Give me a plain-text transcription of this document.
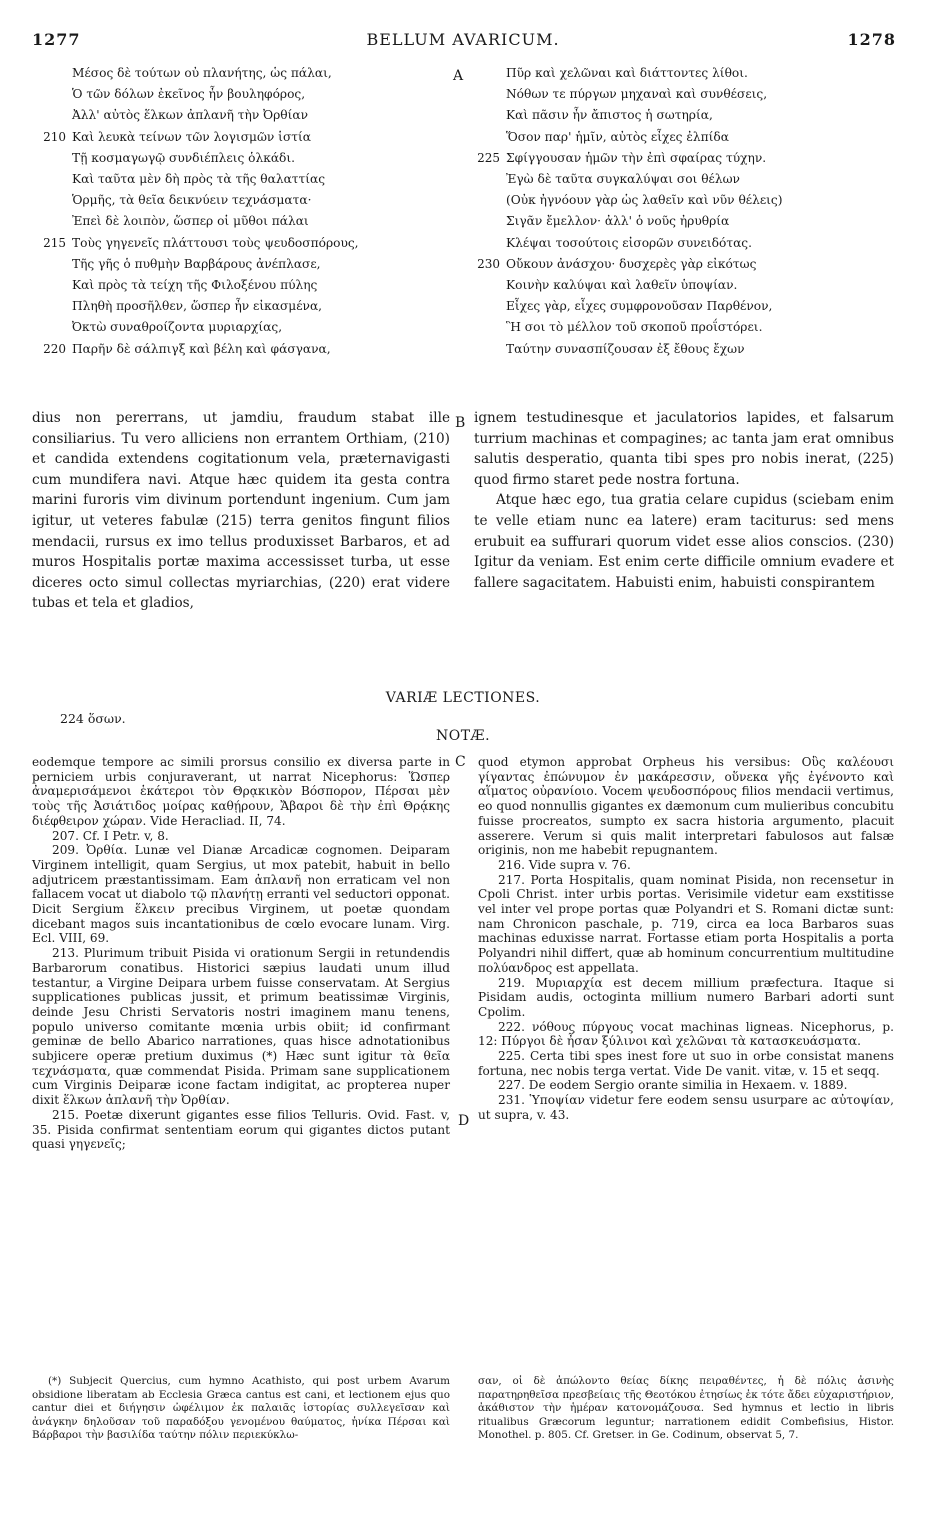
1277	BELLUM AVARICUM.	1278
A
B
C
D
Μέσος δὲ τούτων οὐ πλανήτης, ὡς πάλαι,
Ὁ τῶν δόλων ἐκεῖνος ἦν βουληφόρος,
Ἀλλ' αὐτὸς ἕλκων ἀπλανῆ τὴν Ὀρθίαν
210 Καὶ λευκὰ τείνων τῶν λογισμῶν ἱστία
Τῇ κοσμαγωγῷ συνδιέπλεις ὁλκάδι.
Καὶ ταῦτα μὲν δὴ πρὸς τὰ τῆς θαλαττίας
Ὁρμῆς, τὰ θεῖα δεικνύειν τεχνάσματα·
Ἐπεὶ δὲ λοιπὸν, ὥσπερ οἱ μῦθοι πάλαι
215 Τοὺς γηγενεῖς πλάττουσι τοὺς ψευδοσπόρους,
Τῆς γῆς ὁ πυθμὴν Βαρβάρους ἀνέπλασε,
Καὶ πρὸς τὰ τείχη τῆς Φιλοξένου πύλης
Πληθὴ προσῆλθεν, ὥσπερ ἦν εἰκασμένα,
Ὀκτὼ συναθροίζοντα μυριαρχίας,
220 Παρῆν δὲ σάλπιγξ καὶ βέλη καὶ φάσγανα,
Πῦρ καὶ χελῶναι καὶ διάττοντες λίθοι.
Νόθων τε πύργων μηχαναὶ καὶ συνθέσεις,
Καὶ πᾶσιν ἦν ἄπιστος ἡ σωτηρία,
Ὅσον παρ' ἡμῖν, αὐτὸς εἶχες ἐλπίδα
225 Σφίγγουσαν ἡμῶν τὴν ἐπὶ σφαίρας τύχην.
Ἐγὼ δὲ ταῦτα συγκαλύψαι σοι θέλων
(Οὐκ ἠγνόουν γὰρ ὡς λαθεῖν καὶ νῦν θέλεις)
Σιγᾶν ἔμελλον· ἀλλ' ὁ νοῦς ἠρυθρία
Κλέψαι τοσούτοις εἰσορῶν συνειδότας.
230 Οὔκουν ἀνάσχου· δυσχερὲς γὰρ εἰκότως
Κοινὴν καλύψαι καὶ λαθεῖν ὑποψίαν.
Εἶχες γὰρ, εἶχες συμφρονοῦσαν Παρθένον,
Ἣ σοι τὸ μέλλον τοῦ σκοποῦ προΐστόρει.
Ταύτην συνασπίζουσαν ἐξ ἔθους ἔχων

dius non pererrans, ut jamdiu, fraudum stabat ille consiliarius. Tu vero alliciens non errantem Orthiam, (210) et candida extendens cogitationum vela, præternavigasti cum mundifera navi. Atque hæc quidem ita gesta contra marini furoris vim divinum portendunt ingenium. Cum jam igitur, ut veteres fabulæ (215) terra genitos fingunt filios mendacii, rursus ex imo tellus produxisset Barbaros, et ad muros Hospitalis portæ maxima accessisset turba, ut esse diceres octo simul collectas myriarchias, (220) erat videre tubas et tela et gladios,

ignem testudinesque et jaculatorios lapides, et falsarum turrium machinas et compagines; ac tanta jam erat omnibus salutis desperatio, quanta tibi spes pro nobis inerat, (225) quod firmo staret pede nostra fortuna.

Atque hæc ego, tua gratia celare cupidus (sciebam enim te velle etiam nunc ea latere) eram taciturus: sed mens erubuit ea suffurari quorum videt esse alios conscios. (230) Igitur da veniam. Est enim certe difficile omnium evadere et fallere sagacitatem. Habuisti enim, habuisti conspirantem

VARIÆ LECTIONES.
224 ὅσων.
NOTÆ.

eodemque tempore ac simili prorsus consilio ex diversa parte in perniciem urbis conjuraverant, ut narrat Nicephorus: Ὥσπερ ἀναμερισάμενοι ἑκάτεροι τὸν Θρᾳκικὸν Βόσπορον, Πέρσαι μὲν τοὺς τῆς Ἀσιάτιδος μοίρας καθῄρουν, Ἄβαροι δὲ τὴν ἐπὶ Θρᾴκης διέφθειρον χώραν. Vide Heracliad. II, 74.

207. Cf. I Petr. v, 8.

209. Ὀρθία. Lunæ vel Dianæ Arcadicæ cognomen. Deiparam Virginem intelligit, quam Sergius, ut mox patebit, habuit in bello adjutricem præstantissimam. Eam ἀπλανῆ non erraticam vel non fallacem vocat ut diabolo τῷ πλανήτῃ erranti vel seductori opponat. Dicit Sergium ἕλκειν precibus Virginem, ut poetæ quondam dicebant magos suis incantationibus de cœlo evocare lunam. Virg. Ecl. VIII, 69.

213. Plurimum tribuit Pisida vi orationum Sergii in retundendis Barbarorum conatibus. Historici sæpius laudati unum illud testantur, a Virgine Deipara urbem fuisse conservatam. At Sergius supplicationes publicas jussit, et primum beatissimæ Virginis, deinde Jesu Christi Servatoris nostri imaginem manu tenens, populo universo comitante mœnia urbis obiit; id confirmant geminæ de bello Abarico narrationes, quas hisce adnotationibus subjicere operæ pretium duximus (*) Hæc sunt igitur τὰ θεῖα τεχνάσματα, quæ commendat Pisida. Primam sane supplicationem cum Virginis Deiparæ icone factam indigitat, ac propterea nuper dixit ἕλκων ἀπλανῆ τὴν Ὀρθίαν.

215. Poetæ dixerunt gigantes esse filios Telluris. Ovid. Fast. v, 35. Pisida confirmat sententiam eorum qui gigantes dictos putant quasi γηγενεῖς;

quod etymon approbat Orpheus his versibus: Οὓς καλέουσι γίγαντας ἐπώνυμον ἐν μακάρεσσιν, οὕνεκα γῆς ἐγένοντο καὶ αἵματος οὐρανίοιο. Vocem ψευδοσπόρους filios mendacii vertimus, eo quod nonnullis gigantes ex dæmonum cum mulieribus concubitu fuisse procreatos, sumpto ex sacra historia argumento, placuit asserere. Verum si quis malit interpretari fabulosos aut falsæ originis, non me habebit repugnantem.

216. Vide supra v. 76.

217. Porta Hospitalis, quam nominat Pisida, non recensetur in Cpoli Christ. inter urbis portas. Verisimile videtur eam exstitisse vel inter vel prope portas quæ Polyandri et S. Romani dictæ sunt: nam Chronicon paschale, p. 719, circa ea loca Barbaros suas machinas eduxisse narrat. Fortasse etiam porta Hospitalis a porta Polyandri nihil differt, quæ ab hominum concurrentium multitudine πολύανδρος est appellata.

219. Μυριαρχία est decem millium præfectura. Itaque si Pisidam audis, octoginta millium numero Barbari adorti sunt Cpolim.

222. νόθους πύργους vocat machinas ligneas. Nicephorus, p. 12: Πύργοι δὲ ἦσαν ξύλινοι καὶ χελῶναι τὰ κατασκευάσματα.

225. Certa tibi spes inest fore ut suo in orbe consistat manens fortuna, nec nobis terga vertat. Vide De vanit. vitæ, v. 15 et seqq.

227. De eodem Sergio orante similia in Hexaem. v. 1889.

231. Ὑποψίαν videtur fere eodem sensu usurpare ac αὐτοψίαν, ut supra, v. 43.

(*) Subjecit Quercius, cum hymno Acathisto, qui post urbem Avarum obsidione liberatam ab Ecclesia Græca cantus est cani, et lectionem ejus quo cantur diei et διήγησιν ὠφέλιμον ἐκ παλαιᾶς ἱστορίας συλλεγεῖσαν καὶ ἀνάγκην δηλοῦσαν τοῦ παραδόξου γενομένου θαύματος, ἡνίκα Πέρσαι καὶ Βάρβαροι τὴν βασιλίδα ταύτην πόλιν περιεκύκλω-

σαν, οἱ δὲ ἀπώλοντο θείας δίκης πειραθέντες, ἡ δὲ πόλις ἀσινὴς παρατηρηθεῖσα πρεσβείαις τῆς Θεοτόκου ἐτησίως ἐκ τότε ἄδει εὐχαριστήριον, ἀκάθιστον τὴν ἡμέραν κατονομάζουσα. Sed hymnus et lectio in libris ritualibus Græcorum leguntur; narrationem edidit Combefisius, Histor. Monothel. p. 805. Cf. Gretser. in Ge. Codinum, observat 5, 7.
